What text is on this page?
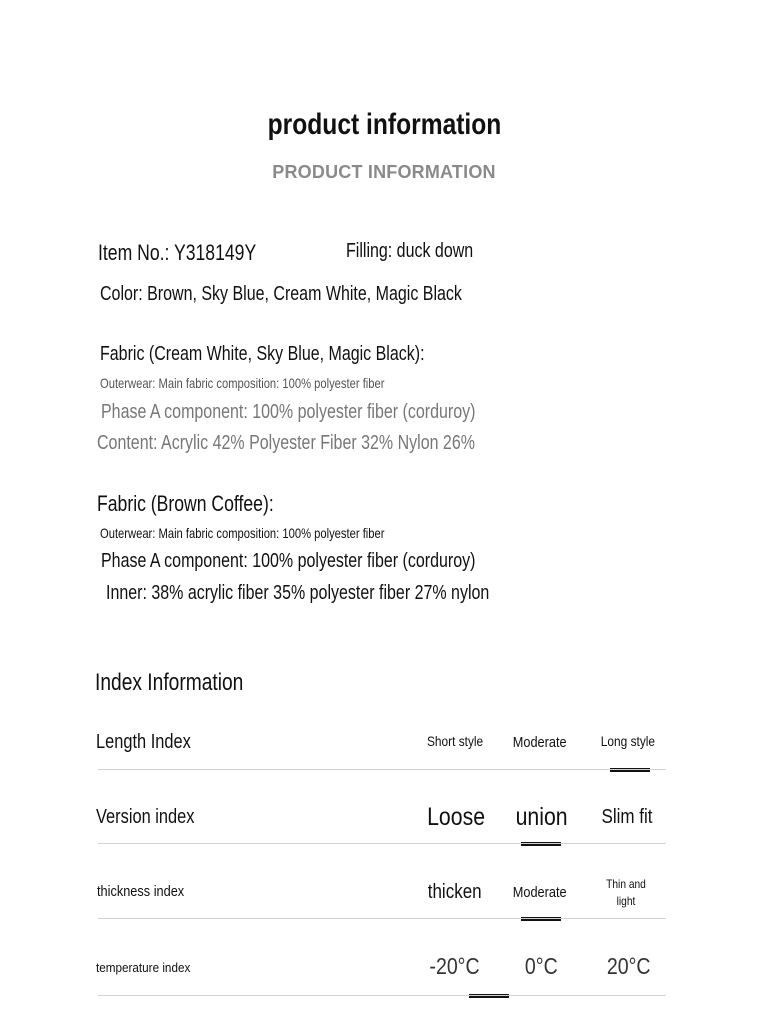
product information
PRODUCT INFORMATION
Item No.: Y318149Y	Filling: duck down
Color: Brown, Sky Blue, Cream White, Magic Black
Fabric (Cream White, Sky Blue, Magic Black):
Outerwear: Main fabric composition: 100% polyester fiber
Phase A component: 100% polyester fiber (corduroy)
Content: Acrylic 42% Polyester Fiber 32% Nylon 26%
Fabric (Brown Coffee):
Outerwear: Main fabric composition: 100% polyester fiber
Phase A component: 100% polyester fiber (corduroy)
Inner: 38% acrylic fiber 35% polyester fiber 27% nylon
Index Information
Length Index	Short style	Moderate	Long style
Version index	Loose	union	Slim fit
thickness index	thicken	Moderate	Thin and light
temperature index	-20°C	0°C	20°C
